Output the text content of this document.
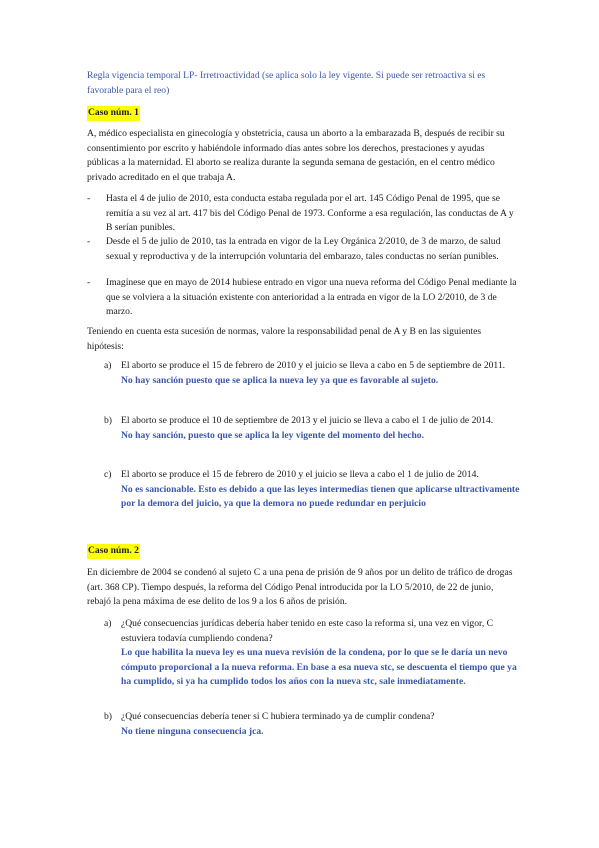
Regla vigencia temporal LP- Irretroactividad (se aplica solo la ley vigente. Si puede ser retroactiva si es favorable para el reo)
Caso núm. 1
A, médico especialista en ginecología y obstetricia, causa un aborto a la embarazada B, después de recibir su consentimiento por escrito y habiéndole informado días antes sobre los derechos, prestaciones y ayudas públicas a la maternidad. El aborto se realiza durante la segunda semana de gestación, en el centro médico privado acreditado en el que trabaja A.
- Hasta el 4 de julio de 2010, esta conducta estaba regulada por el art. 145 Código Penal de 1995, que se remitía a su vez al art. 417 bis del Código Penal de 1973. Conforme a esa regulación, las conductas de A y B serían punibles.
- Desde el 5 de julio de 2010, tas la entrada en vigor de la Ley Orgánica 2/2010, de 3 de marzo, de salud sexual y reproductiva y de la interrupción voluntaria del embarazo, tales conductas no serían punibles.
- Imagínese que en mayo de 2014 hubiese entrado en vigor una nueva reforma del Código Penal mediante la que se volviera a la situación existente con anterioridad a la entrada en vigor de la LO 2/2010, de 3 de marzo.
Teniendo en cuenta esta sucesión de normas, valore la responsabilidad penal de A y B en las siguientes hipótesis:
a) El aborto se produce el 15 de febrero de 2010 y el juicio se lleva a cabo en 5 de septiembre de 2011.
No hay sanción puesto que se aplica la nueva ley ya que es favorable al sujeto.
b) El aborto se produce el 10 de septiembre de 2013 y el juicio se lleva a cabo el 1 de julio de 2014.
No hay sanción, puesto que se aplica la ley vigente del momento del hecho.
c) El aborto se produce el 15 de febrero de 2010 y el juicio se lleva a cabo el 1 de julio de 2014.
No es sancionable. Esto es debido a que las leyes intermedias tienen que aplicarse ultractivamente por la demora del juicio, ya que la demora no puede redundar en perjuicio
Caso núm. 2
En diciembre de 2004 se condenó al sujeto C a una pena de prisión de 9 años por un delito de tráfico de drogas (art. 368 CP). Tiempo después, la reforma del Código Penal introducida por la LO 5/2010, de 22 de junio, rebajó la pena máxima de ese delito de los 9 a los 6 años de prisión.
a) ¿Qué consecuencias jurídicas debería haber tenido en este caso la reforma si, una vez en vigor, C estuviera todavía cumpliendo condena?
Lo que habilita la nueva ley es una nueva revisión de la condena, por lo que se le daría un nevo cómputo proporcional a la nueva reforma. En base a esa nueva stc, se descuenta el tiempo que ya ha cumplido, si ya ha cumplido todos los años con la nueva stc, sale inmediatamente.
b) ¿Qué consecuencias debería tener si C hubiera terminado ya de cumplir condena?
No tiene ninguna consecuencia jca.
